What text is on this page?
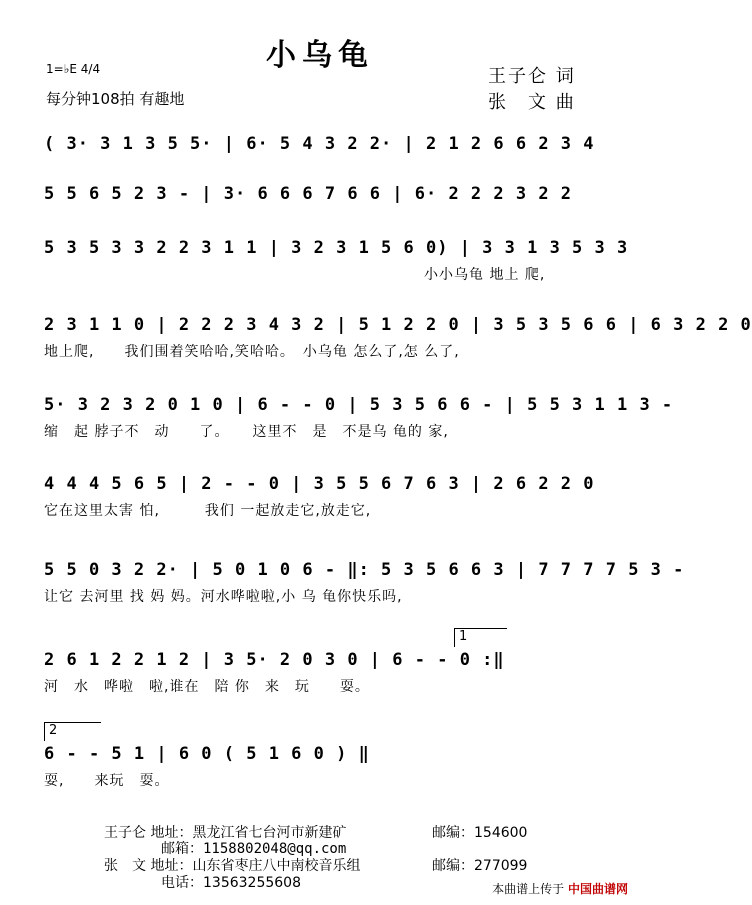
小乌龟
1=♭E 4/4
每分钟108拍 有趣地
王子仑 词
张　文 曲
( 3· 3 1 3 5 5· | 6· 5 4 3 2 2· | 2 1 2 6 6 2 3 4
5 5 6 5 2 3 - | 3· 6 6 6 7 6 6 | 6· 2 2 2 3 2 2
5 3 5 3 3 2 2 3 1 1 | 3 2 3 1 5 6 0) | 3 3 1 3 5 3 3
小小乌龟 地上 爬,
2 3 1 1 0 | 2 2 2 3 4 3 2 | 5 1 2 2 0 | 3 5 3 5 6 6 | 6 3 2 2 0
地上爬,　　我们围着笑哈哈,笑哈哈。　小乌龟 怎么了,怎 么了,
5· 3 2 3 2 0 1 0 | 6 - - 0 | 5 3 5 6 6 - | 5 5 3 1 1 3 -
缩　起 脖子不　动　　了。　　这里不　是　不是乌 龟的 家,
4 4 4 5 6 5 | 2 - - 0 | 3 5 5 6 7 6 3 | 2 6 2 2 0
它在这里太害 怕,　　　我们 一起放走它,放走它,
5 5 0 3 2 2· | 5 0 1 0 6 - ‖: 5 3 5 6 6 3 | 7 7 7 7 5 3 -
让它 去河里 找 妈 妈。河水哗啦啦,小 乌 龟你快乐吗,
1
2 6 1 2 2 1 2 | 3 5· 2 0 3 0 | 6 - - 0 :‖
河　水　哗啦　啦,谁在　陪 你　来　玩　　耍。
2
6 - - 5 1 | 6 0 ( 5 1 6 0 ) ‖
耍,　　来玩　耍。
王子仑 地址：黑龙江省七台河市新建矿	邮编：154600
邮箱：1158802048@qq.com
张　文 地址：山东省枣庄八中南校音乐组	邮编：277099
电话：13563255608	本曲谱上传于 中国曲谱网
